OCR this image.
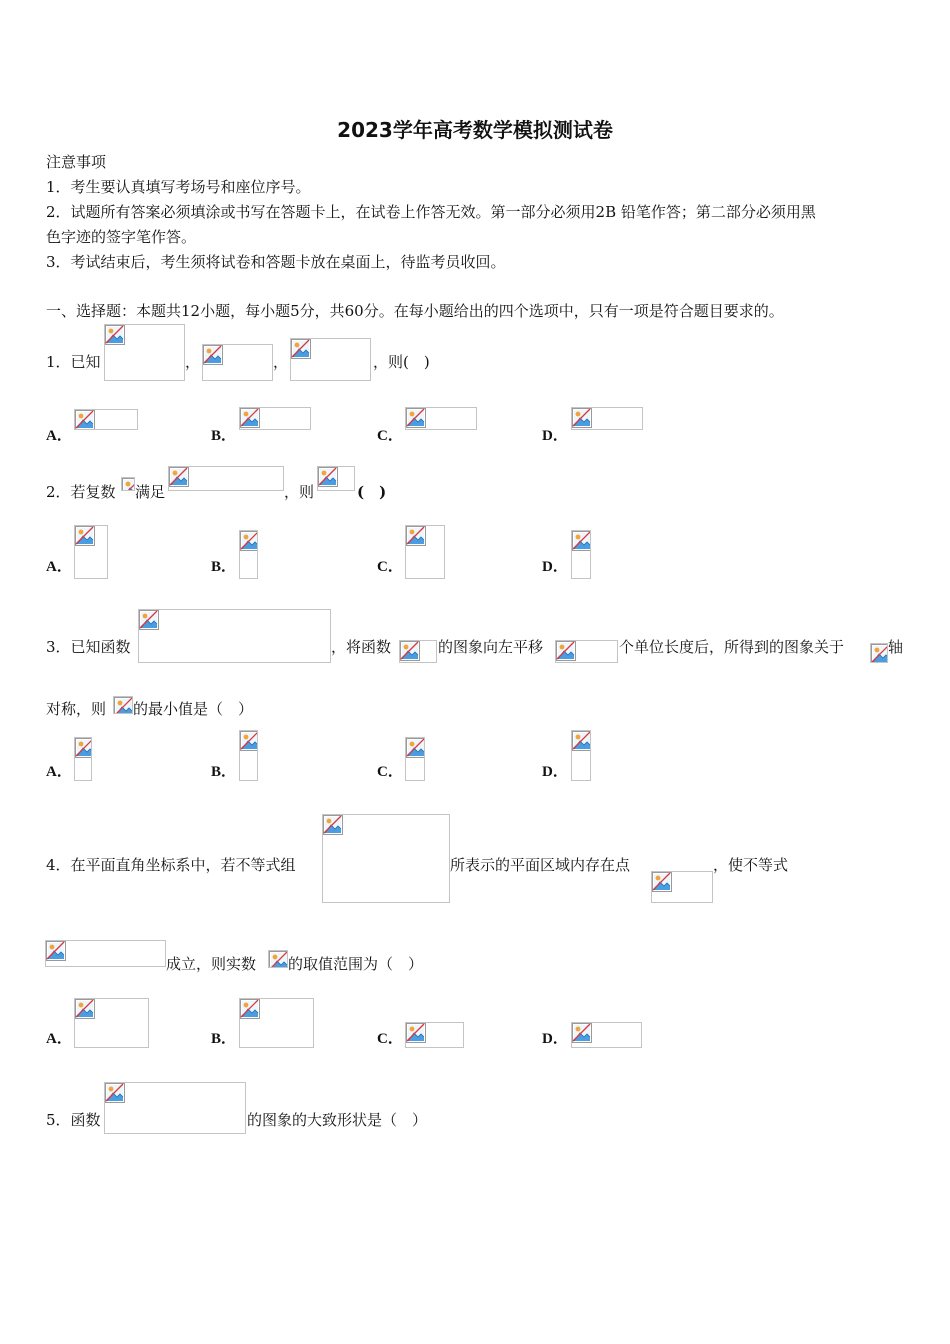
2023学年高考数学模拟测试卷
注意事项
1．考生要认真填写考场号和座位序号。
2．试题所有答案必须填涂或书写在答题卡上，在试卷上作答无效。第一部分必须用2B 铅笔作答；第二部分必须用黑
色字迹的签字笔作答。
3．考试结束后，考生须将试卷和答题卡放在桌面上，待监考员收回。
一、选择题：本题共12小题，每小题5分，共60分。在每小题给出的四个选项中，只有一项是符合题目要求的。
1．已知	，	，	，则(　)
A．	B．	C．	D．
2．若复数 满足	，则	(　)
A．	B．	C．	D．
3．已知函数	，将函数	的图象向左平移	个单位长度后，所得到的图象关于	轴
对称，则 的最小值是（　）
A．	B．	C．	D．
4．在平面直角坐标系中，若不等式组	所表示的平面区域内存在点	，使不等式
成立，则实数 的取值范围为（　）
A．	B．	C．	D．
5．函数	的图象的大致形状是（　）
